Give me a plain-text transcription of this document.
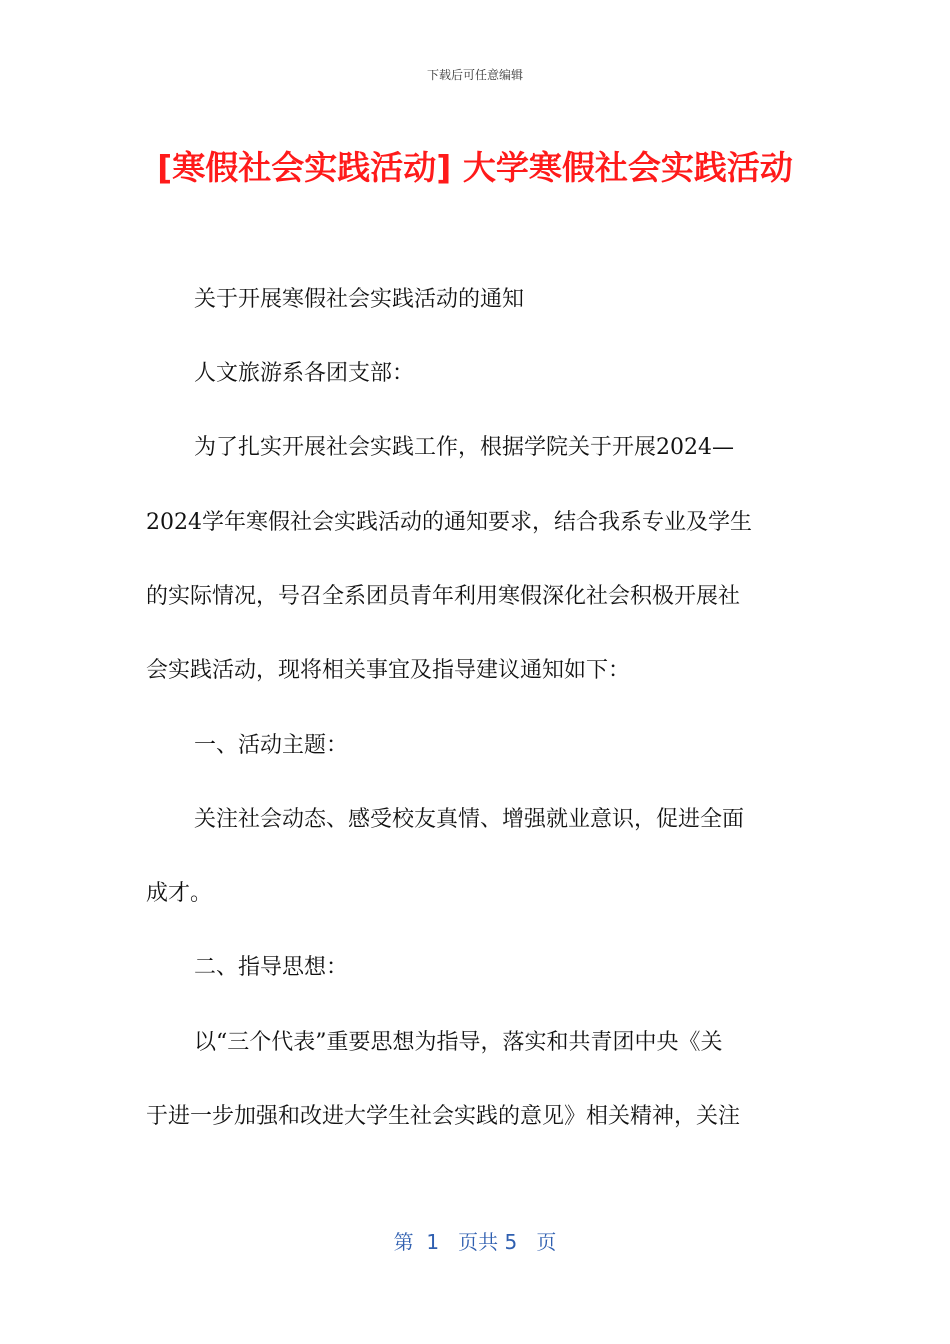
下载后可任意编辑
[寒假社会实践活动] 大学寒假社会实践活动
关于开展寒假社会实践活动的通知
人文旅游系各团支部：
为了扎实开展社会实践工作，根据学院关于开展2024—
2024学年寒假社会实践活动的通知要求，结合我系专业及学生
的实际情况，号召全系团员青年利用寒假深化社会积极开展社
会实践活动，现将相关事宜及指导建议通知如下：
一、活动主题：
关注社会动态、感受校友真情、增强就业意识，促进全面
成才。
二、指导思想：
以“三个代表”重要思想为指导，落实和共青团中央《关
于进一步加强和改进大学生社会实践的意见》相关精神，关注
第  1   页共 5   页
